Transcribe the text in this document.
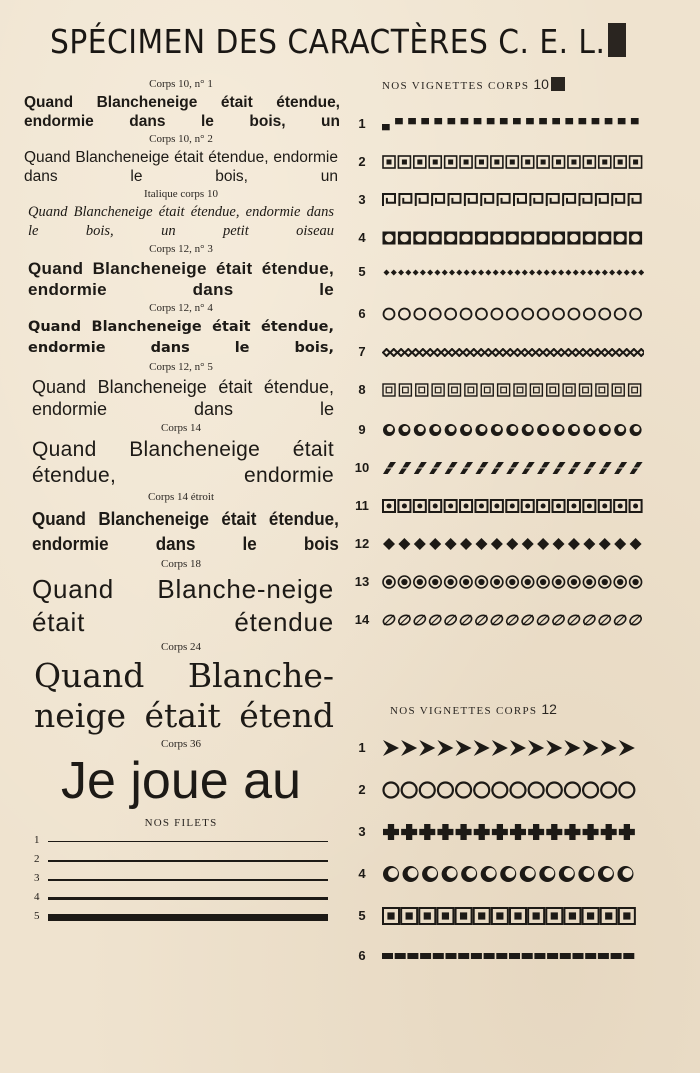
SPÉCIMEN DES CARACTÈRES C. E. L.
Corps 10, n° 1
Quand Blancheneige était étendue, endormie dans le bois, un
Corps 10, n° 2
Quand Blancheneige était étendue, endormie dans le bois, un
Italique corps 10
Quand Blancheneige était étendue, endormie dans le bois, un petit oiseau
Corps 12, n° 3
Quand Blancheneige était étendue, endormie dans le
Corps 12, n° 4
Quand Blancheneige était étendue, endormie dans le bois,
Corps 12, n° 5
Quand Blancheneige était étendue, endormie dans le
Corps 14
Quand Blancheneige était étendue, endormie
Corps 14 étroit
Quand Blancheneige était étendue, endormie dans le bois
Corps 18
Quand Blanche-neige était étendue
Corps 24
Quand Blanche-neige était étend
Corps 36
Je joue au
NOS FILETS
1
2
3
4
5
NOS VIGNETTES CORPS 10
1
2
3
4
5
6
7
8
9
10
11
12
13
14
NOS VIGNETTES CORPS 12
1
2
3
4
5
6
